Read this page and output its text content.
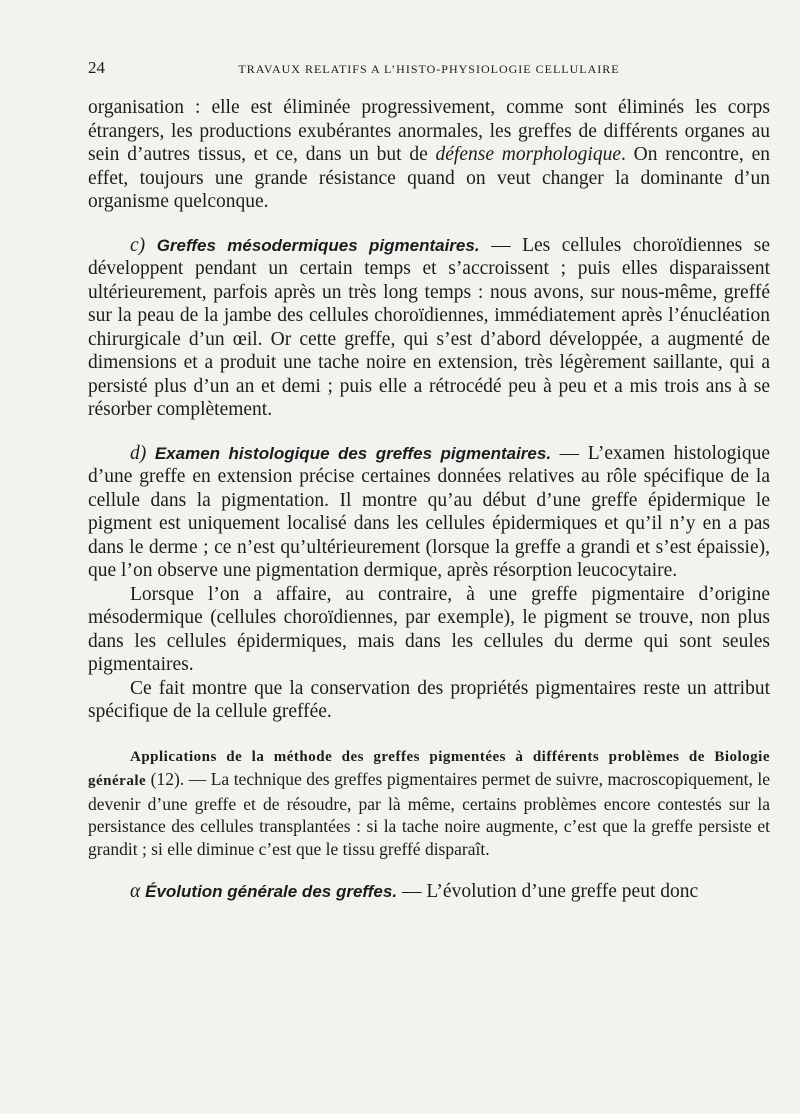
24	TRAVAUX RELATIFS A L’HISTO-PHYSIOLOGIE CELLULAIRE

organisation : elle est éliminée progressivement, comme sont éliminés les corps étrangers, les productions exubérantes anormales, les greffes de différents organes au sein d’autres tissus, et ce, dans un but de défense morphologique. On rencontre, en effet, toujours une grande résistance quand on veut changer la dominante d’un organisme quelconque.

c) Greffes mésodermiques pigmentaires. — Les cellules choroïdiennes se développent pendant un certain temps et s’accroissent ; puis elles disparaissent ultérieurement, parfois après un très long temps : nous avons, sur nous-même, greffé sur la peau de la jambe des cellules choroïdiennes, immédiatement après l’énucléation chirurgicale d’un œil. Or cette greffe, qui s’est d’abord développée, a augmenté de dimensions et a produit une tache noire en extension, très légèrement saillante, qui a persisté plus d’un an et demi ; puis elle a rétrocédé peu à peu et a mis trois ans à se résorber complètement.

d) Examen histologique des greffes pigmentaires. — L’examen histologique d’une greffe en extension précise certaines données relatives au rôle spécifique de la cellule dans la pigmentation. Il montre qu’au début d’une greffe épidermique le pigment est uniquement localisé dans les cellules épidermiques et qu’il n’y en a pas dans le derme ; ce n’est qu’ultérieurement (lorsque la greffe a grandi et s’est épaissie), que l’on observe une pigmentation dermique, après résorption leucocytaire.

Lorsque l’on a affaire, au contraire, à une greffe pigmentaire d’origine mésodermique (cellules choroïdiennes, par exemple), le pigment se trouve, non plus dans les cellules épidermiques, mais dans les cellules du derme qui sont seules pigmentaires.

Ce fait montre que la conservation des propriétés pigmentaires reste un attribut spécifique de la cellule greffée.

Applications de la méthode des greffes pigmentées à différents problèmes de Biologie générale (12). — La technique des greffes pigmentaires permet de suivre, macroscopiquement, le devenir d’une greffe et de résoudre, par là même, certains problèmes encore contestés sur la persistance des cellules transplantées : si la tache noire augmente, c’est que la greffe persiste et grandit ; si elle diminue c’est que le tissu greffé disparaît.

α Évolution générale des greffes. — L’évolution d’une greffe peut donc
